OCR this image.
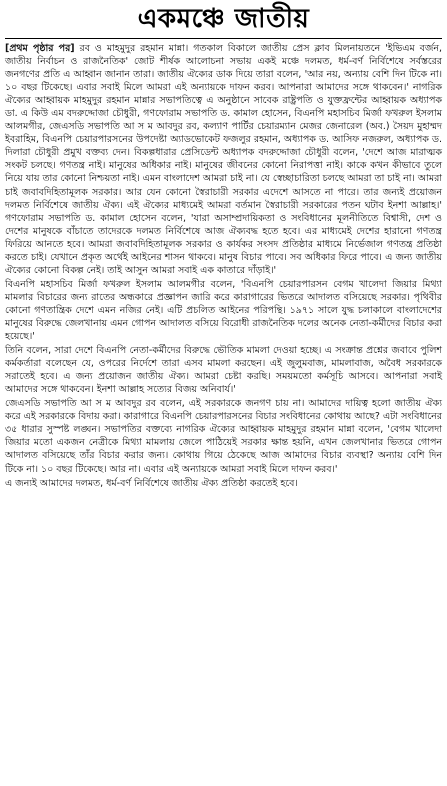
একমঞ্চে জাতীয়

[প্রথম পৃষ্ঠার পর] রব ও মাহমুদুর রহমান মান্না। গতকাল বিকালে জাতীয় প্রেস ক্লাব মিলনায়তনে 'ইভিএম বর্জন, জাতীয় নির্বাচন ও রাজনৈতিক' জোট শীর্ষক আলোচনা সভায় একই মঞ্চে দলমত, ধর্ম-বর্ণ নির্বিশেষে সর্বস্তরের জনগণের প্রতি এ আহ্বান জানান তারা। জাতীয় ঐক্যের ডাক দিয়ে তারা বলেন, 'আর নয়, অন্যায় বেশি দিন টিকে না। ১০ বছর টিকেছে। এবার সবাই মিলে আমরা এই অন্যায়কে দাফন করব। আপনারা আমাদের সঙ্গে থাকবেন।' নাগরিক ঐক্যের আহ্বায়ক মাহমুদুর রহমান মান্নার সভাপতিত্বে এ অনুষ্ঠানে সাবেক রাষ্ট্রপতি ও যুক্তফ্রন্টের আহ্বায়ক অধ্যাপক ডা. এ কিউ এম বদরুদ্দোজা চৌধুরী, গণফোরাম সভাপতি ড. কামাল হোসেন, বিএনপি মহাসচিব মির্জা ফখরুল ইসলাম আলমগীর, জেএসডি সভাপতি আ স ম আবদুর রব, কল্যাণ পার্টির চেয়ারম্যান মেজর জেনারেল (অব.) সৈয়দ মুহাম্মদ ইবরাহিম, বিএনপি চেয়ারপারসনের উপদেষ্টা অ্যাডভোকেট ফজলুর রহমান, অধ্যাপক ড. আসিফ নজরুল, অধ্যাপক ড. দিলারা চৌধুরী প্রমুখ বক্তব্য দেন। বিকল্পধারার প্রেসিডেন্ট অধ্যাপক বদরুদ্দোজা চৌধুরী বলেন, 'দেশে আজ মারাত্মক সংকট চলছে। গণতন্ত্র নাই। মানুষের অধিকার নাই। মানুষের জীবনের কোনো নিরাপত্তা নাই। কাকে কখন কীভাবে তুলে নিয়ে যায় তার কোনো নিশ্চয়তা নাই। এমন বাংলাদেশ আমরা চাই না। যে স্বেচ্ছাচারিতা চলছে আমরা তা চাই না। আমরা চাই জবাবদিহিতামূলক সরকার। আর যেন কোনো স্বৈরাচারী সরকার এদেশে আসতে না পারে। তার জন্যই প্রয়োজন দলমত নির্বিশেষে জাতীয় ঐক্য। এই ঐক্যের মাধ্যমেই আমরা বর্তমান স্বৈরাচারী সরকারের পতন ঘটাব ইনশা আল্লাহ।' গণফোরাম সভাপতি ড. কামাল হোসেন বলেন, 'যারা অসাম্প্রদায়িকতা ও সংবিধানের মূলনীতিতে বিশ্বাসী, দেশ ও দেশের মানুষকে বাঁচাতে তাদেরকে দলমত নির্বিশেষে আজ ঐক্যবদ্ধ হতে হবে। এর মাধ্যমেই দেশের হারানো গণতন্ত্র ফিরিয়ে আনতে হবে। আমরা জবাবদিহিতামূলক সরকার ও কার্যকর সংসদ প্রতিষ্ঠার মাধ্যমে নির্ভেজাল গণতন্ত্র প্রতিষ্ঠা করতে চাই। যেখানে প্রকৃত অর্থেই আইনের শাসন থাকবে। মানুষ বিচার পাবে। সব অধিকার ফিরে পাবে। এ জন্য জাতীয় ঐক্যের কোনো বিকল্প নেই। তাই আসুন আমরা সবাই এক কাতারে দাঁড়াই।'

বিএনপি মহাসচিব মির্জা ফখরুল ইসলাম আলমগীর বলেন, 'বিএনপি চেয়ারপারসন বেগম খালেদা জিয়ার মিথ্যা মামলার বিচারের জন্য রাতের অন্ধকারে প্রজ্ঞাপন জারি করে কারাগারের ভিতরে আদালত বসিয়েছে সরকার। পৃথিবীর কোনো গণতান্ত্রিক দেশে এমন নজির নেই। এটি প্রচলিত আইনের পরিপন্থি। ১৯৭১ সালে যুদ্ধ চলাকালে বাংলাদেশের মানুষের বিরুদ্ধে জেলখানায় এমন গোপন আদালত বসিয়ে বিরোধী রাজনৈতিক দলের অনেক নেতা-কর্মীদের বিচার করা হয়েছে।'

তিনি বলেন, সারা দেশে বিএনপি নেতা-কর্মীদের বিরুদ্ধে ভৌতিক মামলা দেওয়া হচ্ছে। এ সংক্রান্ত প্রশ্নের জবাবে পুলিশ কর্মকর্তারা বলেছেন যে, ওপরের নির্দেশে তারা এসব মামলা করছেন। এই জুলুমবাজ, মামলাবাজ, অবৈধ সরকারকে সরাতেই হবে। এ জন্য প্রয়োজন জাতীয় ঐক্য। আমরা চেষ্টা করছি। সময়মতো কর্মসূচি আসবে। আপনারা সবাই আমাদের সঙ্গে থাকবেন। ইনশা আল্লাহ সত্যের বিজয় অনিবার্য।'

জেএসডি সভাপতি আ স ম আবদুর রব বলেন, এই সরকারকে জনগণ চায় না। আমাদের দায়িত্ব হলো জাতীয় ঐক্য করে এই সরকারকে বিদায় করা। কারাগারে বিএনপি চেয়ারপারসনের বিচার সংবিধানের কোথায় আছে? এটা সংবিধানের ৩৫ ধারার সুস্পষ্ট লঙ্ঘন। সভাপতির বক্তব্যে নাগরিক ঐক্যের আহ্বায়ক মাহমুদুর রহমান মান্না বলেন, 'বেগম খালেদা জিয়ার মতো একজন নেত্রীকে মিথ্যা মামলায় জেলে পাঠিয়েই সরকার ক্ষান্ত হয়নি, এখন জেলখানার ভিতরে গোপন আদালত বসিয়েছে তাঁর বিচার করার জন্য। কোথায় গিয়ে ঠেকেছে আজ আমাদের বিচার ব্যবস্থা? অন্যায় বেশি দিন টিকে না। ১০ বছর টিকেছে। আর না। এবার এই অন্যায়কে আমরা সবাই মিলে দাফন করব।'

এ জন্যই আমাদের দলমত, ধর্ম-বর্ণ নির্বিশেষে জাতীয় ঐক্য প্রতিষ্ঠা করতেই হবে।
